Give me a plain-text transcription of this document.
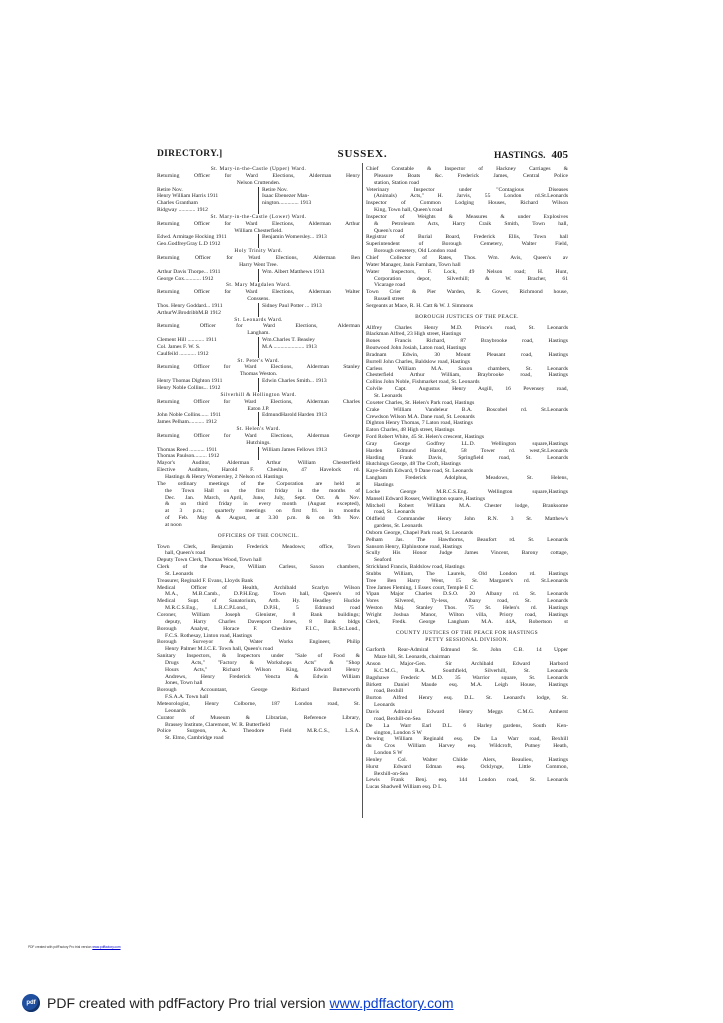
DIRECTORY.]	SUSSEX.	HASTINGS. 405
St. Mary-in-the-Castle (Upper) Ward.
Returning Officer for Ward Elections, Alderman Henry
Nelson Cruttenden.
Retire Nov.
Henry William Harris 1911
Charles Grantham
Ridgway ............ 1912
Retire Nov.
Isaac Ebenezer Man-
nington.............. 1913
St. Mary-in-the-Castle (Lower) Ward.
Returning Officer for Ward Elections, Alderman Arthur
William Chesterfield.
Edwd. Armitage Hocking 1911
Geo.GodfreyGray L.D 1912
Benjamin Womersley... 1913
Holy Trinity Ward.
Returning Officer for Ward Elections, Alderman Ben
Harry Went Tree.
Arthur Davis Thorpe... 1911
George Cox............ 1912
Wm. Albert Matthews 1913
St. Mary Magdalen Ward.
Returning Officer for Ward Elections, Alderman Walter
Conssens.
Thos. Henry Goddard... 1911
ArthurW.BrodribbM.B 1912
Sidney Paul Potter ... 1913
St. Leonards Ward.
Returning Officer for Ward Elections, Alderman
Langham.
Clement Hill ............ 1911
Col. James F. W. S.
Caulfeild ............ 1912
Wm.Charles T. Beasley
M.A ...................... 1913
St. Peter's Ward.
Returning Officer for Ward Elections, Alderman Stanley
Thomas Weston.
Henry Thomas Dighton 1911
Henry Noble Collins... 1912
Edwin Charles Smith... 1913
Silverhill & Hollington Ward.
Returning Officer for Ward Elections, Alderman Charles
Eaton J.P.
John Noble Collins...... 1911
James Pelham........... 1912
EdmundHarold Harden 1913
St. Helen's Ward.
Returning Officer for Ward Elections, Alderman George
Hutchings.
Thomas Reed ........... 1911
Thomas Paulson......... 1912
William James Fellows 1913
Mayor's Auditor, Alderman Arthur William Chesterfield
Elective Auditors, Harold F. Cheshire, 47 Havelock rd.
Hastings & Henry Womersley, 2 Nelson rd. Hastings
The ordinary meetings of the Corporation are held at
the Town Hall on the first friday in the months of
Dec. Jan. March, April, June, July, Sept. Oct. & Nov.
& on third friday in every month (August excepted),
at 3 p.m.; quarterly meetings on first fri. in months
of Feb. May & August, at 3.30 p.m. & on 9th Nov.
at noon
OFFICERS OF THE COUNCIL.
Town Clerk, Benjamin Frederick Meadows; office, Town
hall, Queen's road
Deputy Town Clerk, Thomas Wood, Town hall
Clerk of the Peace, William Carless, Saxon chambers,
St. Leonards
Treasurer, Reginald F. Evans, Lloyds Bank
Medical Officer of Health, Archibald Scarlyn Wilson
M.A., M.B.Camb., D.P.H.Eng. Town hall, Queen's rd
Medical Supt. of Sanatorium, Arth. Hy. Headley Huckle
M.R.C.S.Eng., L.R.C.P.Lond., D.P.H., 5 Edmund road
Coroner, William Joseph Glenister, 8 Bank buildings;
deputy, Harry Charles Davenport Jones, 8 Bank bldgs
Borough Analyst, Horace F. Cheshire F.I.C., B.Sc.Lond.,
F.C.S. Rothesay, Linton road, Hastings
Borough Surveyor & Water Works Engineer, Philip
Henry Palmer M.I.C.E. Town hall, Queen's road
Sanitary Inspectors, & Inspectors under "Sale of Food &
Drugs Acts," "Factory & Workshops Acts" & "Shop
Hours Acts," Richard Wilson King, Edward Henry
Andrews, Henry Frederick Vencta & Edwin William
Jones, Town hall
Borough Accountant, George Richard Butterworth
F.S.A.A. Town hall
Meteorologist, Henry Colborne, 187 London road, St.
Leonards
Curator of Museum & Librarian, Reference Library,
Brassey Institute, Claremont, W. R. Butterfield
Police Surgeon, A. Theodore Field M.R.C.S., L.S.A.
St. Elmo, Cambridge road
Chief Constable & Inspector of Hackney Carriages &
Pleasure Boats &c. Frederick James, Central Police
station, Station road
Veterinary Inspector under "Contagious Diseases
(Animals) Acts," H. Jarvis, 55 London rd.St.Leonards
Inspector of Common Lodging Houses, Richard Wilson
King, Town hall, Queen's road
Inspector of Weights & Measures & under Explosives
& Petroleum Acts, Harry Craik Smith, Town hall,
Queen's road
Registrar of Burial Board, Frederick Ellis, Town hall
Superintendent of Borough Cemetery, Walter Field,
Borough cemetery, Old London road
Chief Collector of Rates, Thos. Wm. Avis, Queen's av
Water Manager, Janis Farnham, Town hall
Water Inspectors, F. Lock, 49 Nelson road; H. Hunt,
Corporation depot, Silverhill; & W. Bracher, 61
Vicarage road
Town Crier & Pier Warden, R. Gower, Richmond house,
Russell street
Sergeants at Mace, R. H. Catt & W. J. Simmons
BOROUGH JUSTICES OF THE PEACE.
Allfrey Charles Henry M.D. Prince's road, St. Leonards
Blackman Alfred, 23 High street, Hastings
Bones Francis Richard, 87 Braybrooke road, Hastings
Boutwood John Josiah, Laton road, Hastings
Bradnam Edwin, 30 Mount Pleasant road, Hastings
Burrell John Charles, Baldslow road, Hastings
Carless William M.A. Saxon chambers, St. Leonards
Chesterfield Arthur William, Braybrooke road, Hastings
Collins John Noble, Fishmarket road, St. Leonards
Colvile Capt. Augustus Henry Asgill, 16 Pevensey road,
St. Leonards
Coxeter Charles, St. Helen's Park road, Hastings
Crake William Vandeleur B.A. Boscobel rd. St.Leonards
Crewdson Wilson M.A. Dane road, St. Leonards
Dighton Henry Thomas, 7 Laton road, Hastings
Eaton Charles, 48 High street, Hastings
Ford Robert White, 45 St. Helen's crescent, Hastings
Gray George Godfrey LL.D. Wellington square,Hastings
Harden Edmund Harold, 58 Tower rd. west,St.Leonards
Harding Frank Davis, Springfield road, St. Leonards
Hutchings George, 48 The Croft, Hastings
Kaye-Smith Edward, 9 Dane road, St. Leonards
Langham Frederick Adolphus, Meadows, St. Helens,
Hastings
Locke George M.R.C.S.Eng. Wellington square,Hastings
Mansell Edward Rosser, Wellington square, Hastings
Mitchell Robert William M.A. Chester lodge, Branksome
road, St. Leonards
Oldfield Commander Henry John R.N. 3 St. Matthew's
gardens, St. Leonards
Osborn George, Chapel Park road, St. Leonards
Pelham Jas. The Hawthorns, Beaufort rd. St. Leonards
Sansom Henry, Elphinstone road, Hastings
Scully His Honor Judge James Vincent, Barony cottage,
Seaford
Strickland Francis, Baldslow road, Hastings
Stubbs William, The Laurels, Old London rd. Hastings
Tree Ben Harry Went, 15 St. Margaret's rd. St.Leonards
Tree James Fleming, 1 Essex court, Temple E C
Vipan Major Charles D.S.O. 20 Albany rd. St. Leonards
Vores Silvered, Ty-less, Albany road, St. Leonards
Weston Maj. Stanley Thos. 75 St. Helen's rd. Hastings
Wright Joshua Manor, Wilton villa, Priory road, Hastings
Clerk, Fredk. George Langham M.A. 44A, Robertson st
COUNTY JUSTICES OF THE PEACE FOR HASTINGS
PETTY SESSIONAL DIVISION.
Garforth Rear-Admiral Edmund St. John C.B. 14 Upper
Maze hill, St. Leonards, chairman
Anson Major-Gen. Sir Archibald Edward Harbord
K.C.M.G., R.A. Southfield, Silverhill, St. Leonards
Bagshawe Frederic M.D. 35 Warrior square, St. Leonards
Birkett Daniel Maude esq. M.A. Leigh House, Hastings
road, Bexhill
Burton Alfred Henry esq. D.L. St. Leonard's lodge, St.
Leonards
Davis Admiral Edward Henry Meggs C.M.G. Amherst
road, Bexhill-on-Sea
De La Warr Earl D.L. 6 Harley gardens, South Ken-
sington, London S W
Dewing William Reginald esq. De La Warr road, Bexhill
du Cros William Harvey esq. Wildcroft, Putney Heath,
London S W
Henley Col. Walter Childe Alers, Beaulieu, Hastings
Hurst Edward Edman esq. Ocklynge, Little Common,
Bexhill-on-Sea
Lewis Frank Benj. esq. 144 London road, St. Leonards
Lucas Shadwell William esq. D L
PDF created with pdfFactory Pro trial version www.pdffactory.com
pdf PDF created with pdfFactory Pro trial version www.pdffactory.com
